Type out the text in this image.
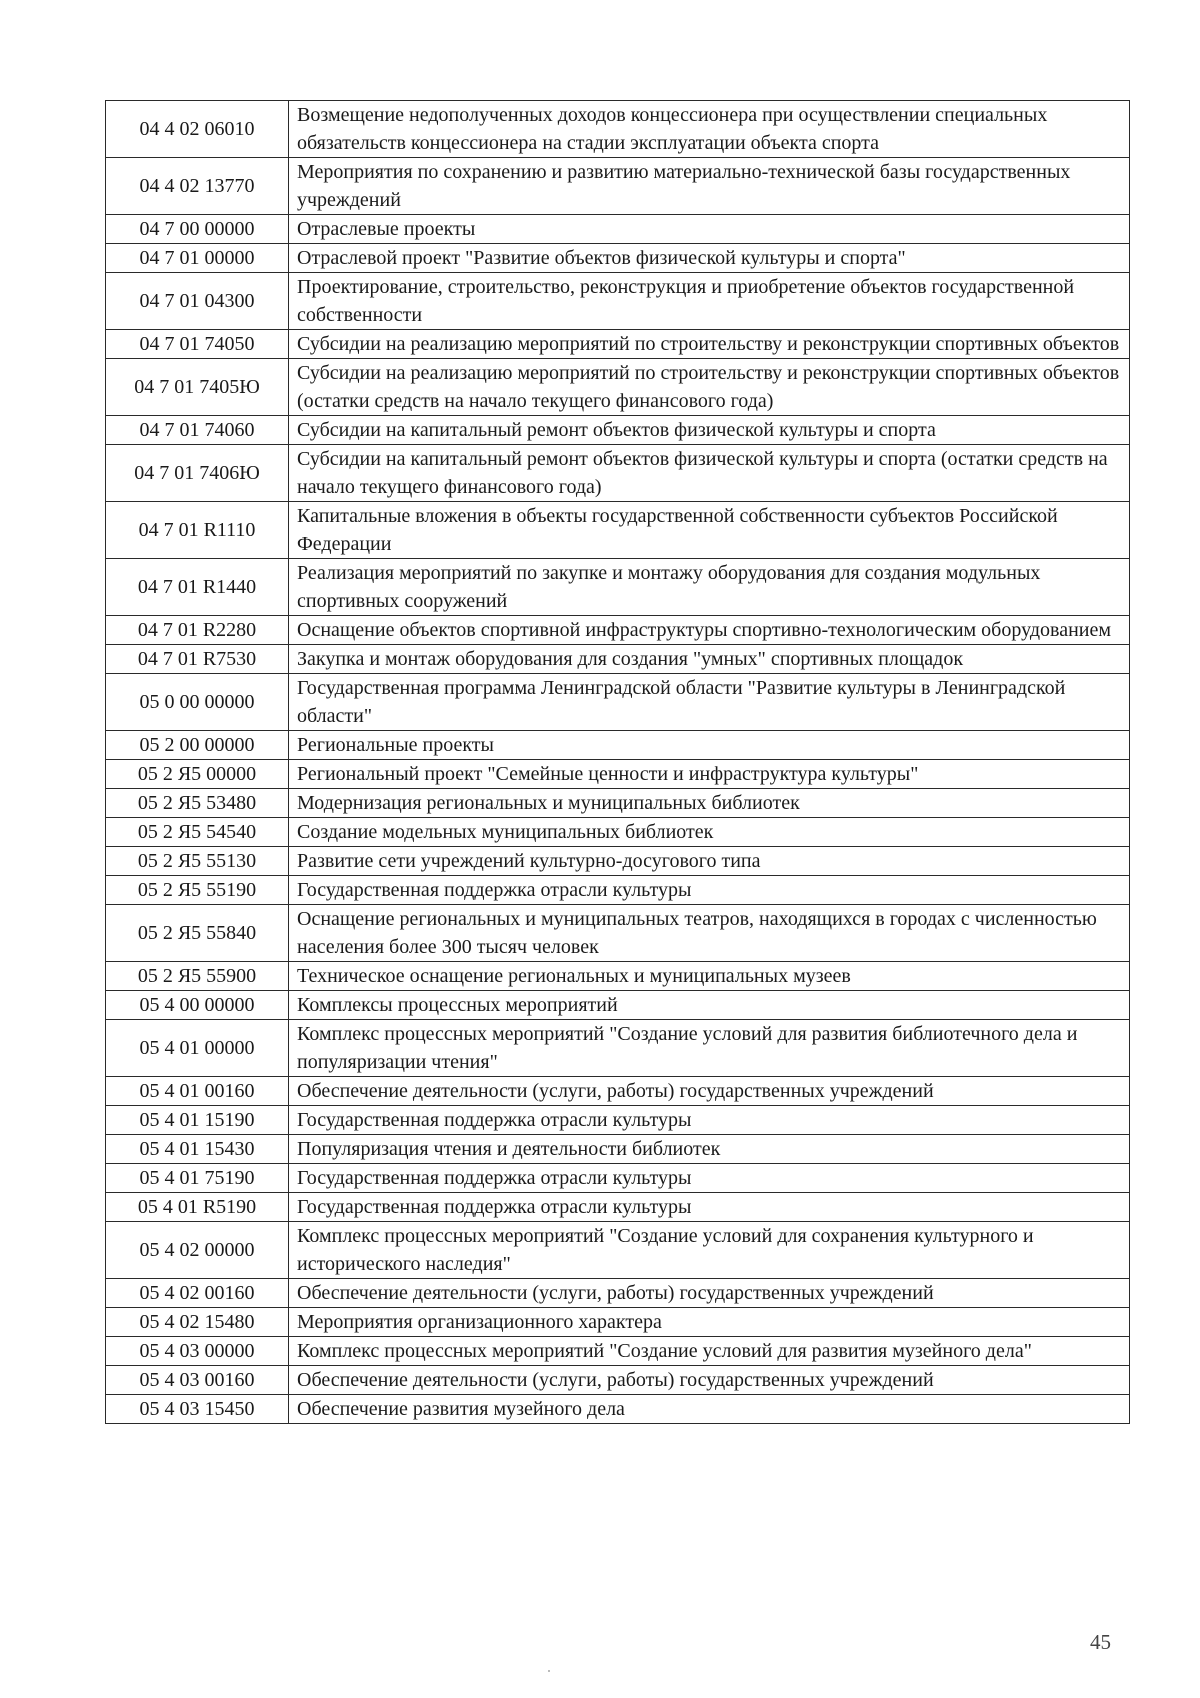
04 4 02 06010	Возмещение недополученных доходов концессионера при осуществлении специальных обязательств концессионера на стадии эксплуатации объекта спорта
04 4 02 13770	Мероприятия по сохранению и развитию материально-технической базы государственных учреждений
04 7 00 00000	Отраслевые проекты
04 7 01 00000	Отраслевой проект "Развитие объектов физической культуры и спорта"
04 7 01 04300	Проектирование, строительство, реконструкция и приобретение объектов государственной собственности
04 7 01 74050	Субсидии на реализацию мероприятий по строительству и реконструкции спортивных объектов
04 7 01 7405Ю	Субсидии на реализацию мероприятий по строительству и реконструкции спортивных объектов (остатки средств на начало текущего финансового года)
04 7 01 74060	Субсидии на капитальный ремонт объектов физической культуры и спорта
04 7 01 7406Ю	Субсидии на капитальный ремонт объектов физической культуры и спорта (остатки средств на начало текущего финансового года)
04 7 01 R1110	Капитальные вложения в объекты государственной собственности субъектов Российской Федерации
04 7 01 R1440	Реализация мероприятий по закупке и монтажу оборудования для создания модульных спортивных сооружений
04 7 01 R2280	Оснащение объектов спортивной инфраструктуры спортивно-технологическим оборудованием
04 7 01 R7530	Закупка и монтаж оборудования для создания "умных" спортивных площадок
05 0 00 00000	Государственная программа Ленинградской области "Развитие культуры в Ленинградской области"
05 2 00 00000	Региональные проекты
05 2 Я5 00000	Региональный проект "Семейные ценности и инфраструктура культуры"
05 2 Я5 53480	Модернизация региональных и муниципальных библиотек
05 2 Я5 54540	Создание модельных муниципальных библиотек
05 2 Я5 55130	Развитие сети учреждений культурно-досугового типа
05 2 Я5 55190	Государственная поддержка отрасли культуры
05 2 Я5 55840	Оснащение региональных и муниципальных театров, находящихся в городах с численностью населения более 300 тысяч человек
05 2 Я5 55900	Техническое оснащение региональных и муниципальных музеев
05 4 00 00000	Комплексы процессных мероприятий
05 4 01 00000	Комплекс процессных мероприятий "Создание условий для развития библиотечного дела и популяризации чтения"
05 4 01 00160	Обеспечение деятельности (услуги, работы) государственных учреждений
05 4 01 15190	Государственная поддержка отрасли культуры
05 4 01 15430	Популяризация чтения и деятельности библиотек
05 4 01 75190	Государственная поддержка отрасли культуры
05 4 01 R5190	Государственная поддержка отрасли культуры
05 4 02 00000	Комплекс процессных мероприятий "Создание условий для сохранения культурного и исторического наследия"
05 4 02 00160	Обеспечение деятельности (услуги, работы) государственных учреждений
05 4 02 15480	Мероприятия организационного характера
05 4 03 00000	Комплекс процессных мероприятий "Создание условий для развития музейного дела"
05 4 03 00160	Обеспечение деятельности (услуги, работы) государственных учреждений
05 4 03 15450	Обеспечение развития музейного дела
45
